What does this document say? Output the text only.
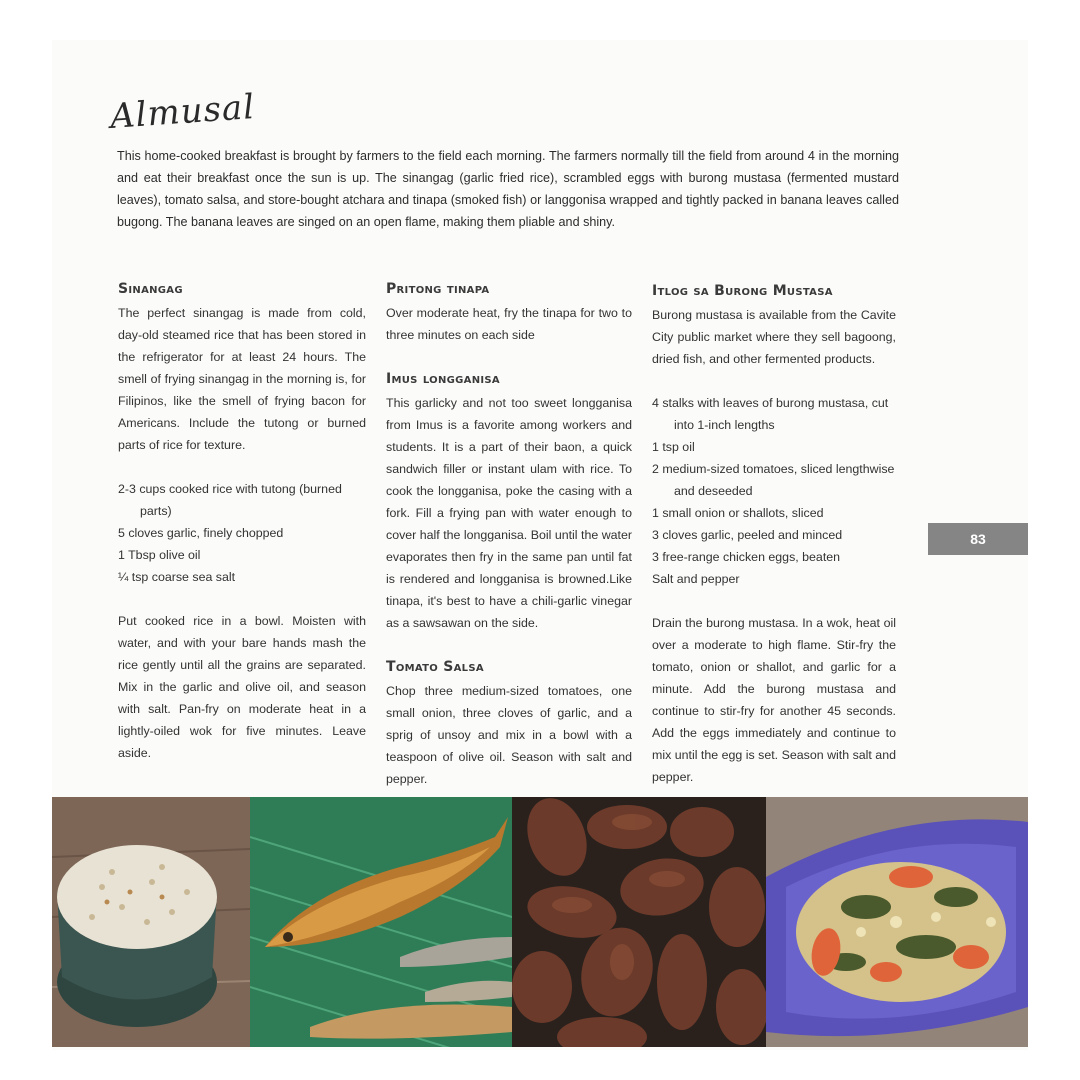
Almusal
This home-cooked breakfast is brought by farmers to the field each morning. The farmers normally till the field from around 4 in the morning and eat their breakfast once the sun is up. The sinangag (garlic fried rice), scrambled eggs with burong mustasa (fermented mustard leaves), tomato salsa, and store-bought atchara and tinapa (smoked fish) or langgonisa wrapped and tightly packed in banana leaves called bugong. The banana leaves are singed on an open flame, making them pliable and shiny.
Sinangag

The perfect sinangag is made from cold, day-old steamed rice that has been stored in the refrigerator for at least 24 hours. The smell of frying sinangag in the morning is, for Filipinos, like the smell of frying bacon for Americans. Include the tutong or burned parts of rice for texture.

2-3 cups cooked rice with tutong (burned parts)
5 cloves garlic, finely chopped
1 Tbsp olive oil
¼ tsp coarse sea salt

Put cooked rice in a bowl. Moisten with water, and with your bare hands mash the rice gently until all the grains are separated. Mix in the garlic and olive oil, and season with salt. Pan-fry on moderate heat in a lightly-oiled wok for five minutes. Leave aside.

Pritong tinapa

Over moderate heat, fry the tinapa for two to three minutes on each side

Imus longganisa

This garlicky and not too sweet longganisa from Imus is a favorite among workers and students. It is a part of their baon, a quick sandwich filler or instant ulam with rice. To cook the longganisa, poke the casing with a fork. Fill a frying pan with water enough to cover half the longganisa. Boil until the water evaporates then fry in the same pan until fat is rendered and longganisa is browned.Like tinapa, it's best to have a chili-garlic vinegar as a sawsawan on the side.

Tomato Salsa

Chop three medium-sized tomatoes, one small onion, three cloves of garlic, and a sprig of unsoy and mix in a bowl with a teaspoon of olive oil. Season with salt and pepper.

Itlog sa Burong Mustasa

Burong mustasa is available from the Cavite City public market where they sell bagoong, dried fish, and other fermented products.

4 stalks with leaves of burong mustasa, cut into 1-inch lengths
1 tsp oil
2 medium-sized tomatoes, sliced lengthwise and deseeded
1 small onion or shallots, sliced
3 cloves garlic, peeled and minced
3 free-range chicken eggs, beaten
Salt and pepper

Drain the burong mustasa. In a wok, heat oil over a moderate to high flame. Stir-fry the tomato, onion or shallot, and garlic for a minute. Add the burong mustasa and continue to stir-fry for another 45 seconds. Add the eggs immediately and continue to mix until the egg is set. Season with salt and pepper.

83
